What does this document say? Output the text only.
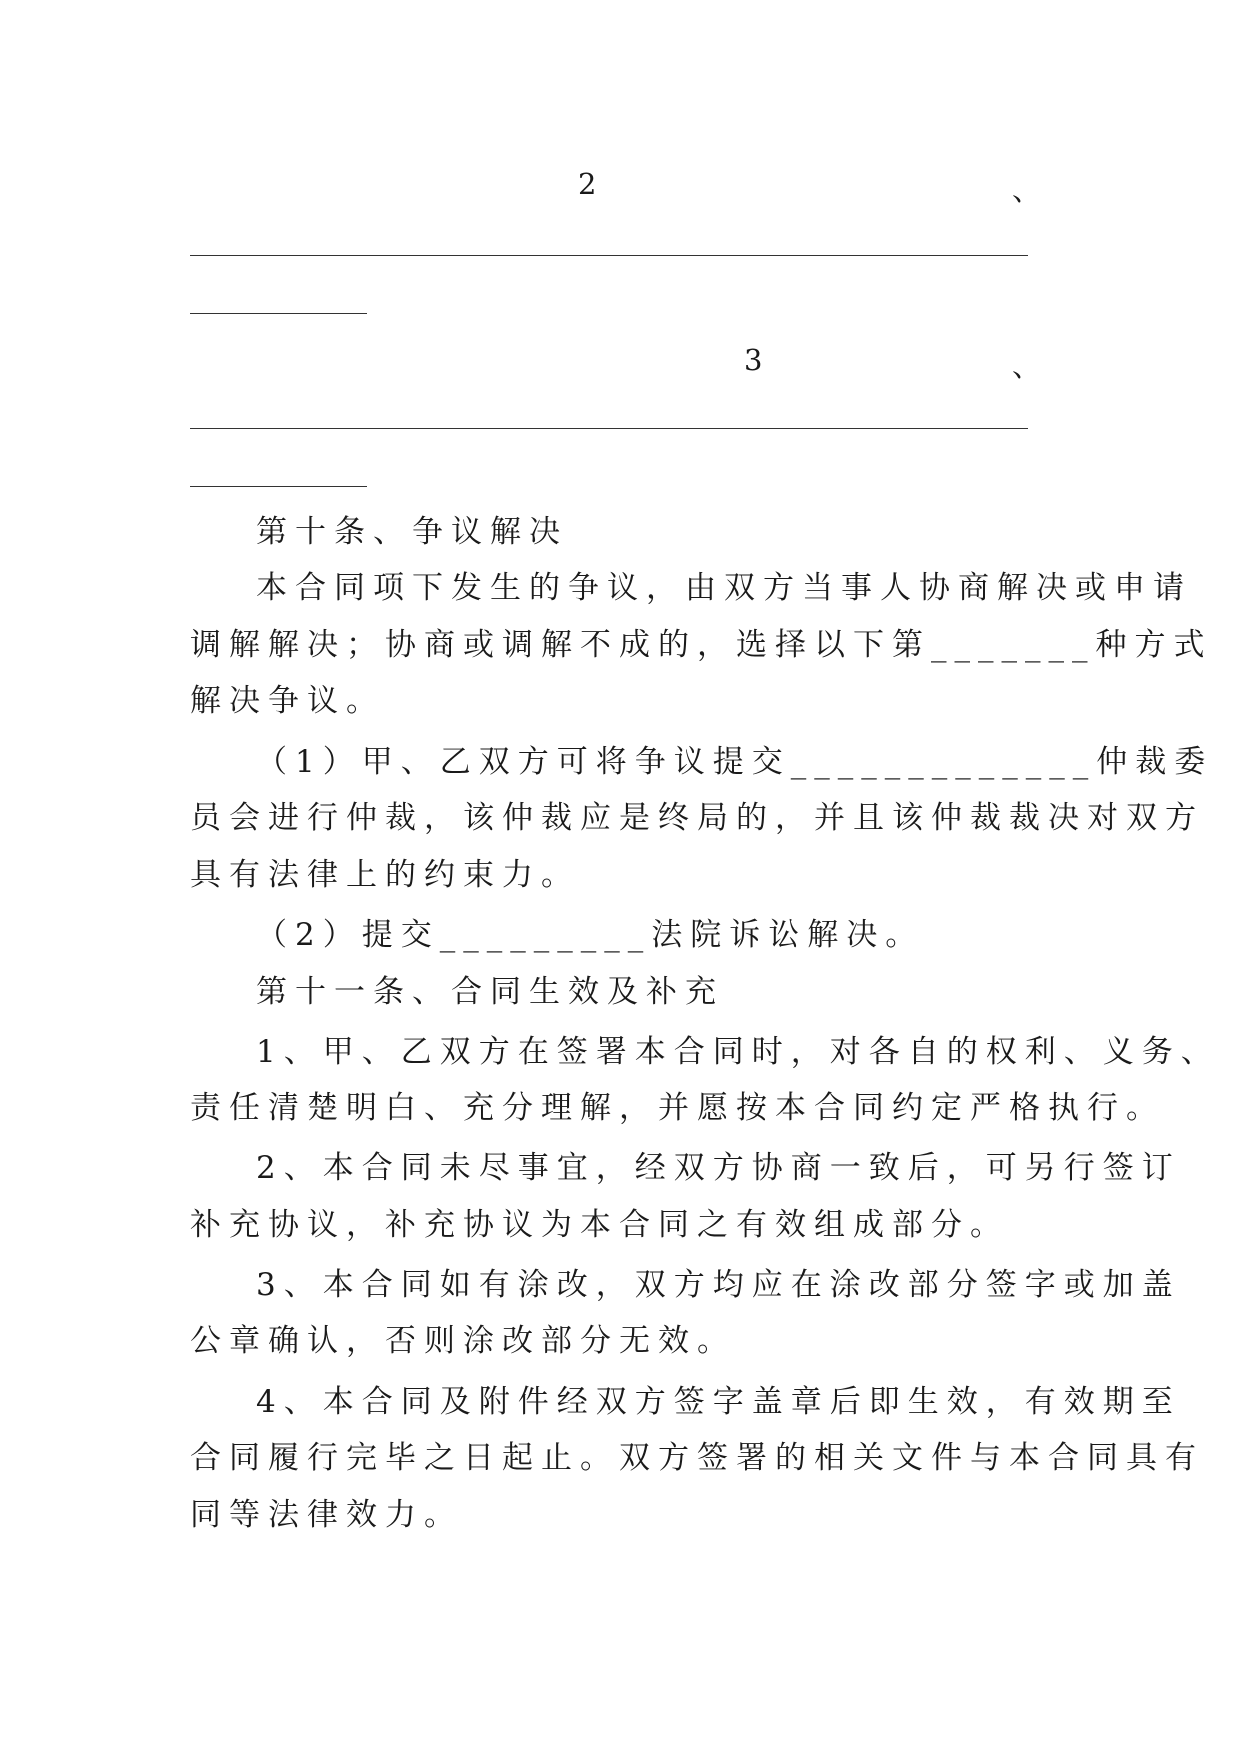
2	、
3	、
第十条、争议解决
本合同项下发生的争议，由双方当事人协商解决或申请
调解解决；协商或调解不成的，选择以下第_______种方式
解决争议。
（1）甲、乙双方可将争议提交_____________仲裁委
员会进行仲裁，该仲裁应是终局的，并且该仲裁裁决对双方
具有法律上的约束力。
（2）提交_________法院诉讼解决。
第十一条、合同生效及补充
1、甲、乙双方在签署本合同时，对各自的权利、义务、
责任清楚明白、充分理解，并愿按本合同约定严格执行。
2、本合同未尽事宜，经双方协商一致后，可另行签订
补充协议，补充协议为本合同之有效组成部分。
3、本合同如有涂改，双方均应在涂改部分签字或加盖
公章确认，否则涂改部分无效。
4、本合同及附件经双方签字盖章后即生效，有效期至
合同履行完毕之日起止。双方签署的相关文件与本合同具有
同等法律效力。
